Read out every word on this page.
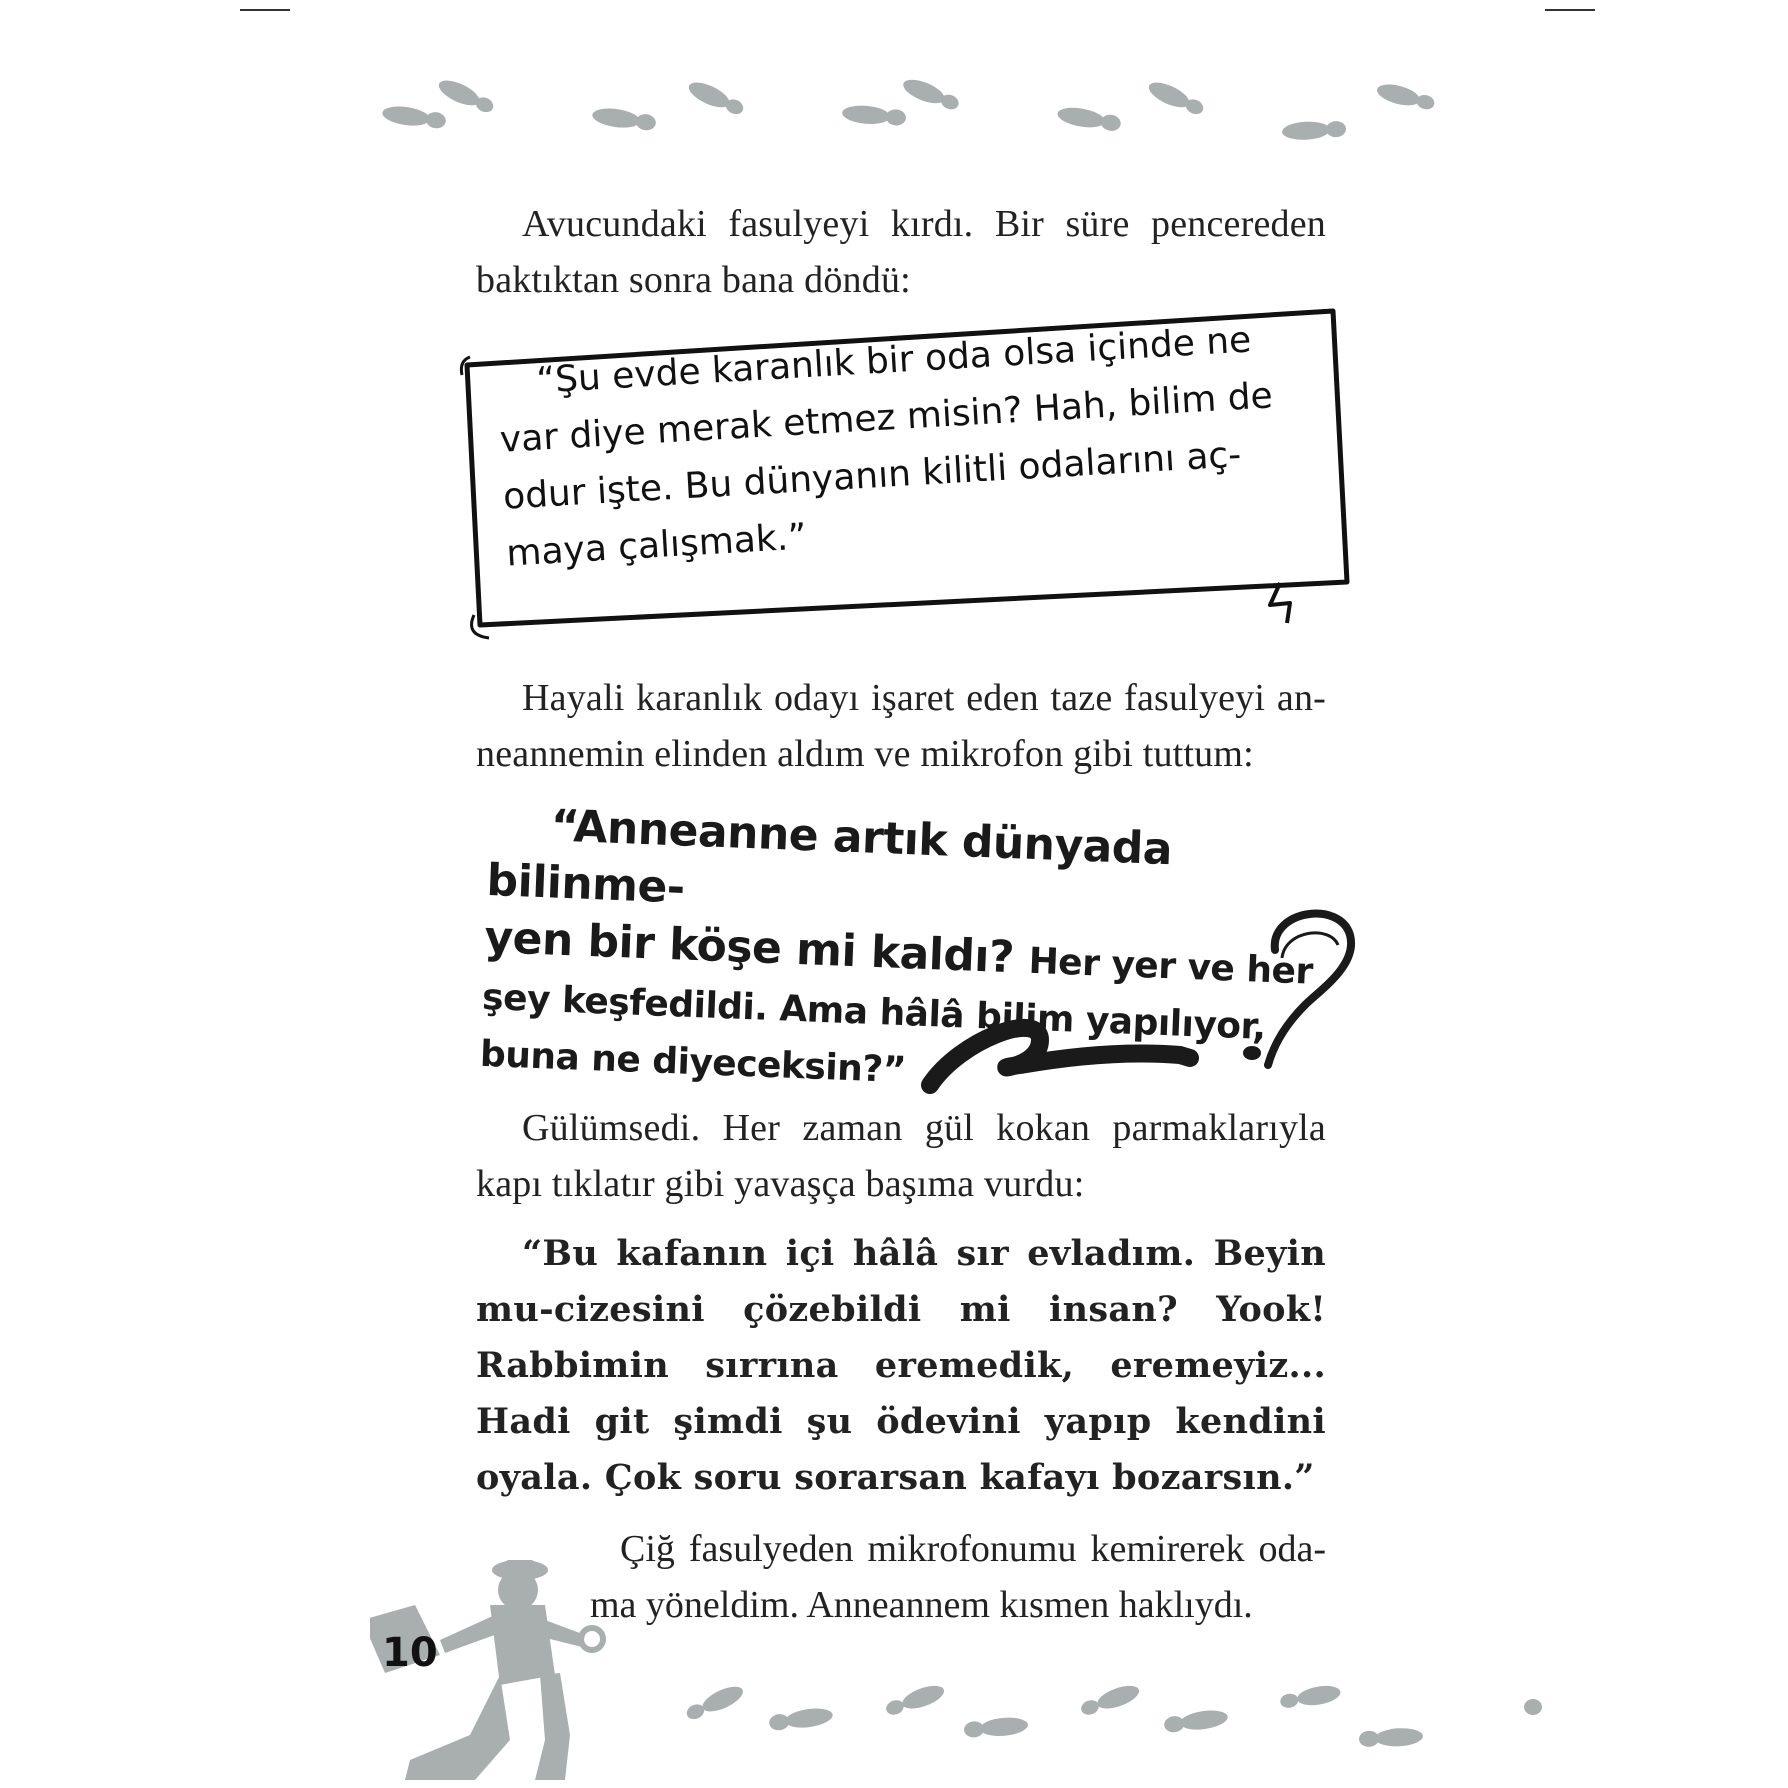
Avucundaki fasulyeyi kırdı. Bir süre pencereden baktıktan sonra bana döndü:

“Şu evde karanlık bir oda olsa içinde ne var diye merak etmez misin? Hah, bilim de odur işte. Bu dünyanın kilitli odalarını aç-maya çalışmak.”

Hayali karanlık odayı işaret eden taze fasulyeyi an-neannemin elinden aldım ve mikrofon gibi tuttum:

“Anneanne artık dünyada bilinme-
yen bir köşe mi kaldı? Her yer ve her
şey keşfedildi. Ama hâlâ bilim yapılıyor,
buna ne diyeceksin?”

Gülümsedi. Her zaman gül kokan parmaklarıyla kapı tıklatır gibi yavaşça başıma vurdu:

“Bu kafanın içi hâlâ sır evladım. Beyin mu-cizesini çözebildi mi insan? Yook! Rabbimin sırrına eremedik, eremeyiz... Hadi git şimdi şu ödevini yapıp kendini oyala. Çok soru sorarsan kafayı bozarsın.”

Çiğ fasulyeden mikrofonumu kemirerek oda-ma yöneldim. Anneannem kısmen haklıydı.

10
